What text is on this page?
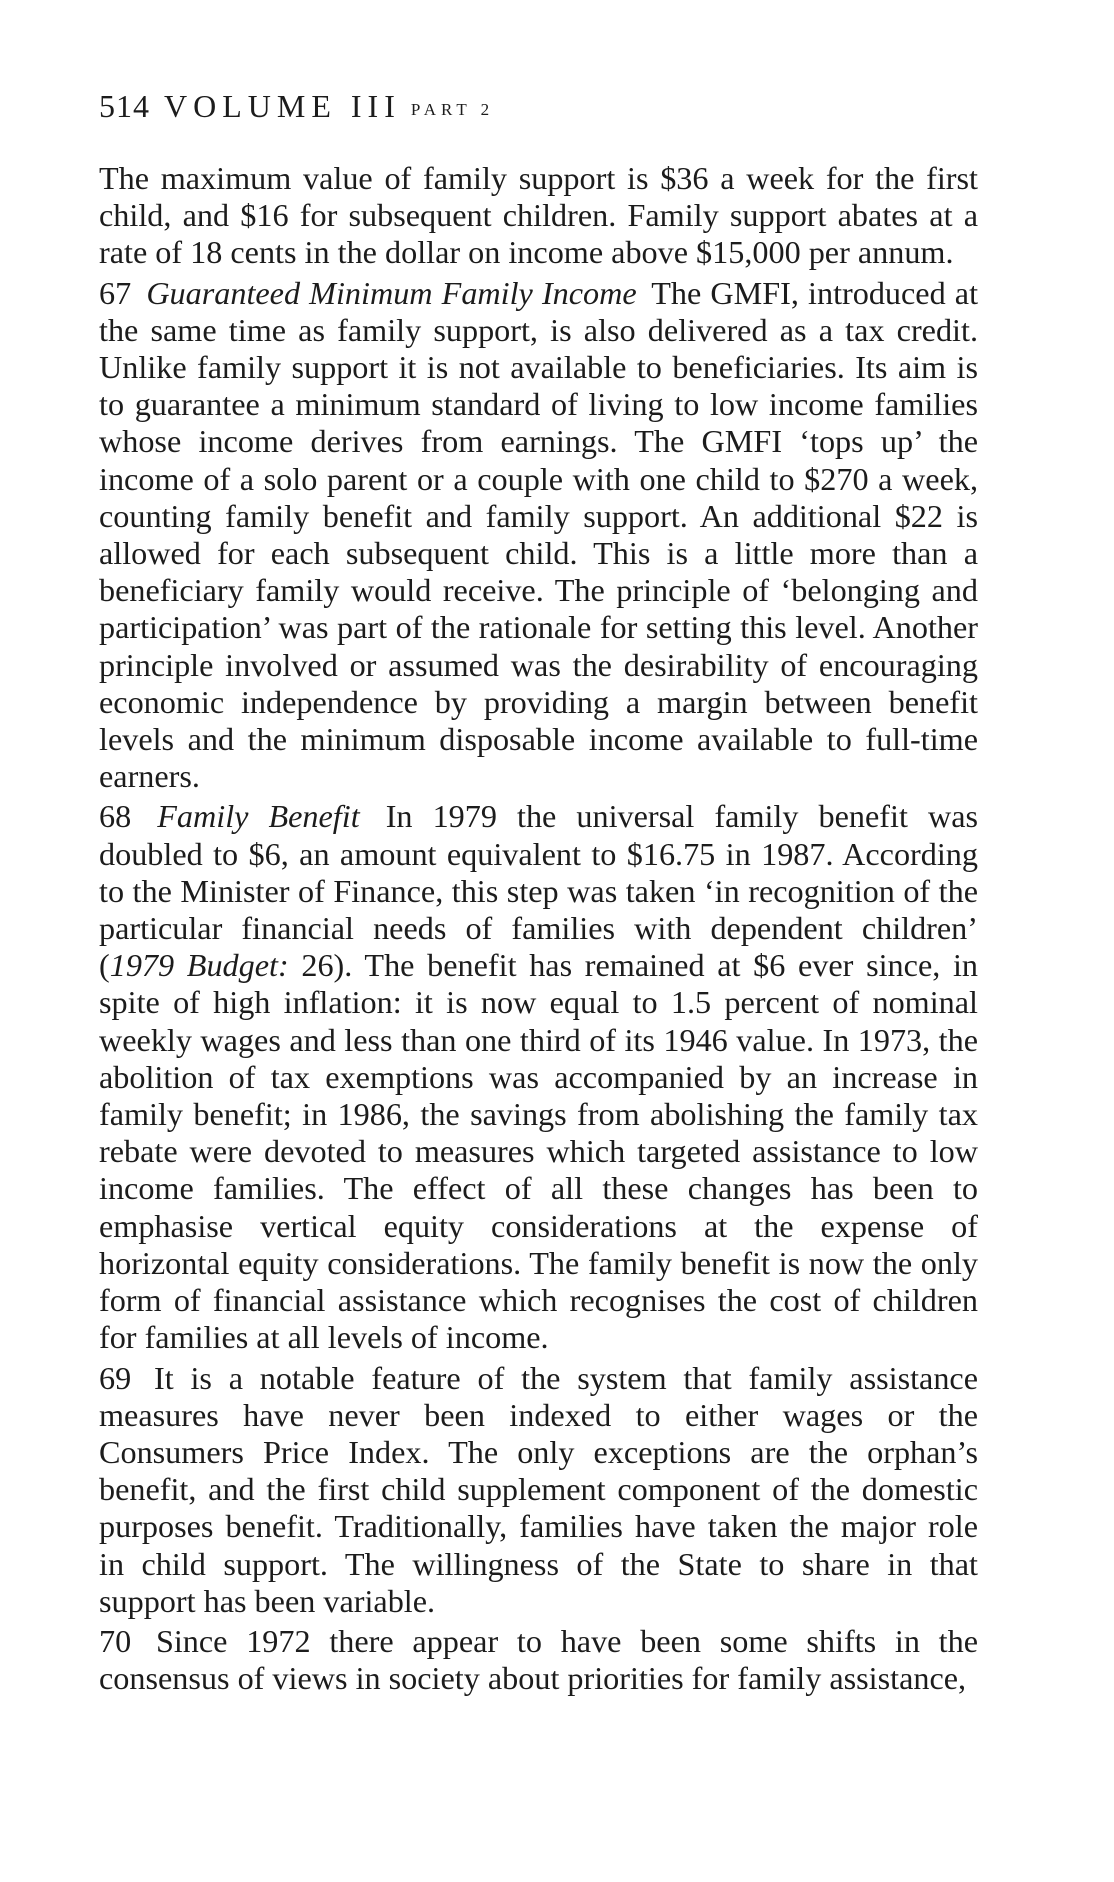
514 VOLUME III PART 2

The maximum value of family support is $36 a week for the first child, and $16 for subsequent children. Family support abates at a rate of 18 cents in the dollar on income above $15,000 per annum.

67 Guaranteed Minimum Family Income The GMFI, introduced at the same time as family support, is also delivered as a tax credit. Unlike family support it is not available to beneficiaries. Its aim is to guarantee a minimum standard of living to low income families whose income derives from earnings. The GMFI ‘tops up’ the income of a solo parent or a couple with one child to $270 a week, counting family benefit and family support. An additional $22 is allowed for each subsequent child. This is a little more than a beneficiary family would receive. The principle of ‘belonging and participation’ was part of the rationale for setting this level. Another principle involved or assumed was the desirability of encouraging economic independence by providing a margin between benefit levels and the minimum disposable income available to full-time earners.

68 Family Benefit In 1979 the universal family benefit was doubled to $6, an amount equivalent to $16.75 in 1987. According to the Minister of Finance, this step was taken ‘in recognition of the particular financial needs of families with dependent children’ (1979 Budget: 26). The benefit has remained at $6 ever since, in spite of high inflation: it is now equal to 1.5 percent of nominal weekly wages and less than one third of its 1946 value. In 1973, the abolition of tax exemptions was accompanied by an increase in family benefit; in 1986, the savings from abolishing the family tax rebate were devoted to measures which targeted assistance to low income families. The effect of all these changes has been to emphasise vertical equity considerations at the expense of horizontal equity considerations. The family benefit is now the only form of financial assistance which recognises the cost of children for families at all levels of income.

69 It is a notable feature of the system that family assistance measures have never been indexed to either wages or the Consumers Price Index. The only exceptions are the orphan’s benefit, and the first child supplement component of the domestic purposes benefit. Traditionally, families have taken the major role in child support. The willingness of the State to share in that support has been variable.

70 Since 1972 there appear to have been some shifts in the consensus of views in society about priorities for family assistance,
